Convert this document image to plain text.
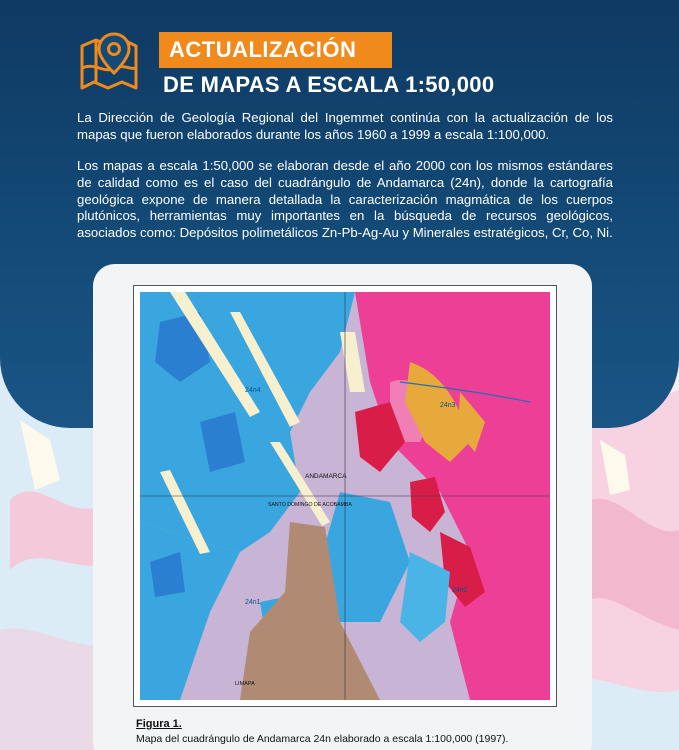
ACTUALIZACIÓN
DE MAPAS A ESCALA 1:50,000

La Dirección de Geología Regional del Ingemmet continúa con la actualización de los mapas que fueron elaborados durante los años 1960 a 1999 a escala 1:100,000.

Los mapas a escala 1:50,000 se elaboran desde el año 2000 con los mismos estándares de calidad como es el caso del cuadrángulo de Andamarca (24n), donde la cartografía geológica expone de manera detallada la caracterización magmática de los cuerpos plutónicos, herramientas muy importantes en la búsqueda de recursos geológicos, asociados como: Depósitos polimetálicos Zn-Pb-Ag-Au y Minerales estratégicos, Cr, Co, Ni.

ANDAMARCA
SANTO DOMINGO DE ACOBAMBA
LIMAPA
24n4
24n3
24n1
24n2
Figura 1.
Mapa del cuadrángulo de Andamarca 24n elaborado a escala 1:100,000 (1997).
